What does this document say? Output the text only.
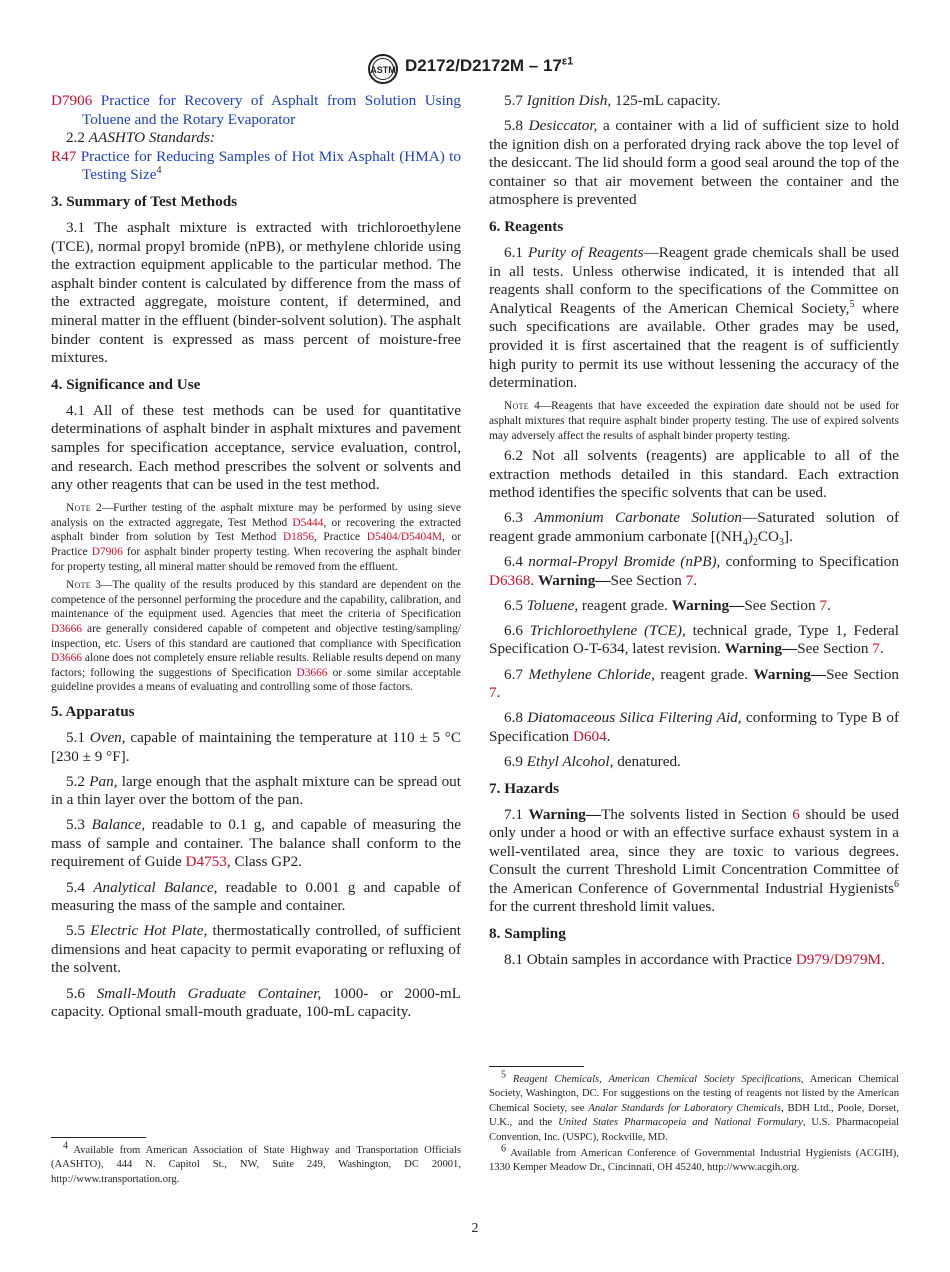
ASTM $D2172/D2172M - 17^{\varepsilon 1}$

D7906 Practice for Recovery of Asphalt from Solution Using Toluene and the Rotary Evaporator

2.2 AASHTO Standards:

R47 Practice for Reducing Samples of Hot Mix Asphalt (HMA) to Testing Size$^4$

3. Summary of Test Methods

3.1 The asphalt mixture is extracted with trichloroethylene (TCE), normal propyl bromide (nPB), or methylene chloride using the extraction equipment applicable to the particular method. The asphalt binder content is calculated by difference from the mass of the extracted aggregate, moisture content, if determined, and mineral matter in the effluent (binder-solvent solution). The asphalt binder content is expressed as mass percent of moisture-free mixtures.

4. Significance and Use

4.1 All of these test methods can be used for quantitative determinations of asphalt binder in asphalt mixtures and pavement samples for specification acceptance, service evaluation, control, and research. Each method prescribes the solvent or solvents and any other reagents that can be used in the test method.

Note 2—Further testing of the asphalt mixture may be performed by using sieve analysis on the extracted aggregate, Test Method D5444, or recovering the extracted asphalt binder from solution by Test Method D1856, Practice D5404/D5404M, or Practice D7906 for asphalt binder property testing. When recovering the asphalt binder for property testing, all mineral matter should be removed from the effluent.

Note 3—The quality of the results produced by this standard are dependent on the competence of the personnel performing the procedure and the capability, calibration, and maintenance of the equipment used. Agencies that meet the criteria of Specification D3666 are generally considered capable of competent and objective testing/sampling/ inspection, etc. Users of this standard are cautioned that compliance with Specification D3666 alone does not completely ensure reliable results. Reliable results depend on many factors; following the suggestions of Specification D3666 or some similar acceptable guideline provides a means of evaluating and controlling some of those factors.

5. Apparatus

5.1 Oven, capable of maintaining the temperature at 110 ± 5 °C [230 ± 9 °F].

5.2 Pan, large enough that the asphalt mixture can be spread out in a thin layer over the bottom of the pan.

5.3 Balance, readable to 0.1 g, and capable of measuring the mass of sample and container. The balance shall conform to the requirement of Guide D4753, Class GP2.

5.4 Analytical Balance, readable to 0.001 g and capable of measuring the mass of the sample and container.

5.5 Electric Hot Plate, thermostatically controlled, of sufficient dimensions and heat capacity to permit evaporating or refluxing of the solvent.

5.6 Small-Mouth Graduate Container, 1000- or 2000-mL capacity. Optional small-mouth graduate, 100-mL capacity.

$^4$ Available from American Association of State Highway and Transportation Officials (AASHTO), 444 N. Capitol St., NW, Suite 249, Washington, DC 20001, http://www.transportation.org.

5.7 Ignition Dish, 125-mL capacity.

5.8 Desiccator, a container with a lid of sufficient size to hold the ignition dish on a perforated drying rack above the top level of the desiccant. The lid should form a good seal around the top of the container so that air movement between the container and the atmosphere is prevented

6. Reagents

6.1 Purity of Reagents—Reagent grade chemicals shall be used in all tests. Unless otherwise indicated, it is intended that all reagents shall conform to the specifications of the Committee on Analytical Reagents of the American Chemical Society,$^5$ where such specifications are available. Other grades may be used, provided it is first ascertained that the reagent is of sufficiently high purity to permit its use without lessening the accuracy of the determination.

Note 4—Reagents that have exceeded the expiration date should not be used for asphalt mixtures that require asphalt binder property testing. The use of expired solvents may adversely affect the results of asphalt binder property testing.

6.2 Not all solvents (reagents) are applicable to all of the extraction methods detailed in this standard. Each extraction method identifies the specific solvents that can be used.

6.3 Ammonium Carbonate Solution—Saturated solution of reagent grade ammonium carbonate $[(NH_4)_2CO_3]$.

6.4 normal-Propyl Bromide (nPB), conforming to Specification D6368. Warning—See Section 7.

6.5 Toluene, reagent grade. Warning—See Section 7.

6.6 Trichloroethylene (TCE), technical grade, Type 1, Federal Specification O-T-634, latest revision. Warning—See Section 7.

6.7 Methylene Chloride, reagent grade. Warning—See Section 7.

6.8 Diatomaceous Silica Filtering Aid, conforming to Type B of Specification D604.

6.9 Ethyl Alcohol, denatured.

7. Hazards

7.1 Warning—The solvents listed in Section 6 should be used only under a hood or with an effective surface exhaust system in a well-ventilated area, since they are toxic to various degrees. Consult the current Threshold Limit Concentration Committee of the American Conference of Governmental Industrial Hygienists$^6$ for the current threshold limit values.

8. Sampling

8.1 Obtain samples in accordance with Practice D979/D979M.

$^5$ Reagent Chemicals, American Chemical Society Specifications, American Chemical Society, Washington, DC. For suggestions on the testing of reagents not listed by the American Chemical Society, see Analar Standards for Laboratory Chemicals, BDH Ltd., Poole, Dorset, U.K., and the United States Pharmacopeia and National Formulary, U.S. Pharmacopeial Convention, Inc. (USPC), Rockville, MD.

$^6$ Available from American Conference of Governmental Industrial Hygienists (ACGIH), 1330 Kemper Meadow Dr., Cincinnati, OH 45240, http://www.acgih.org.

2
